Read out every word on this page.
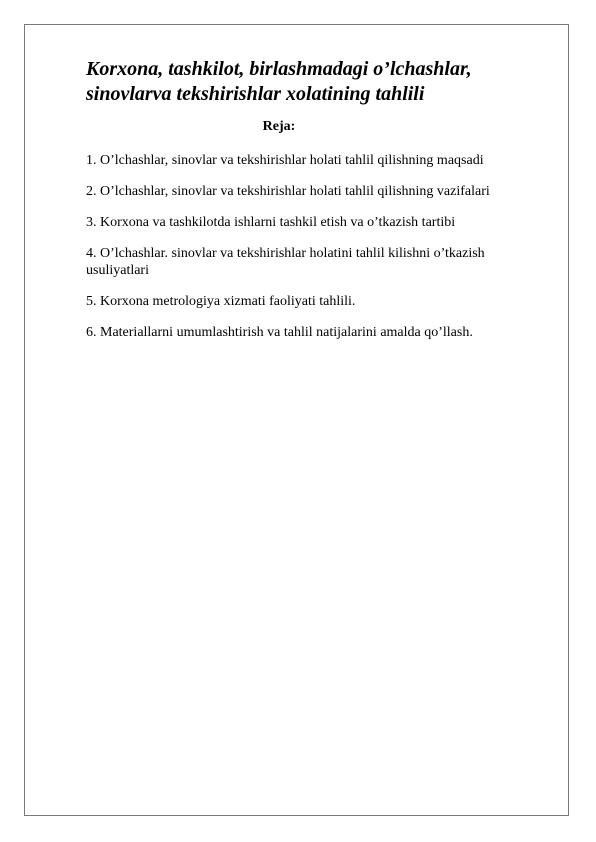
Korxona, tashkilot, birlashmadagi o’lchashlar, sinovlarva tekshirishlar xolatining tahlili

Reja:

1. O’lchashlar, sinovlar va tekshirishlar holati tahlil qilishning maqsadi
2. O’lchashlar, sinovlar va tekshirishlar holati tahlil qilishning vazifalari
3. Korxona va tashkilotda ishlarni tashkil etish va o’tkazish tartibi
4. O’lchashlar. sinovlar va tekshirishlar holatini tahlil kilishni o’tkazish usuliyatlari
5. Korxona metrologiya xizmati faoliyati tahlili.
6. Materiallarni umumlashtirish va tahlil natijalarini amalda qo’llash.
